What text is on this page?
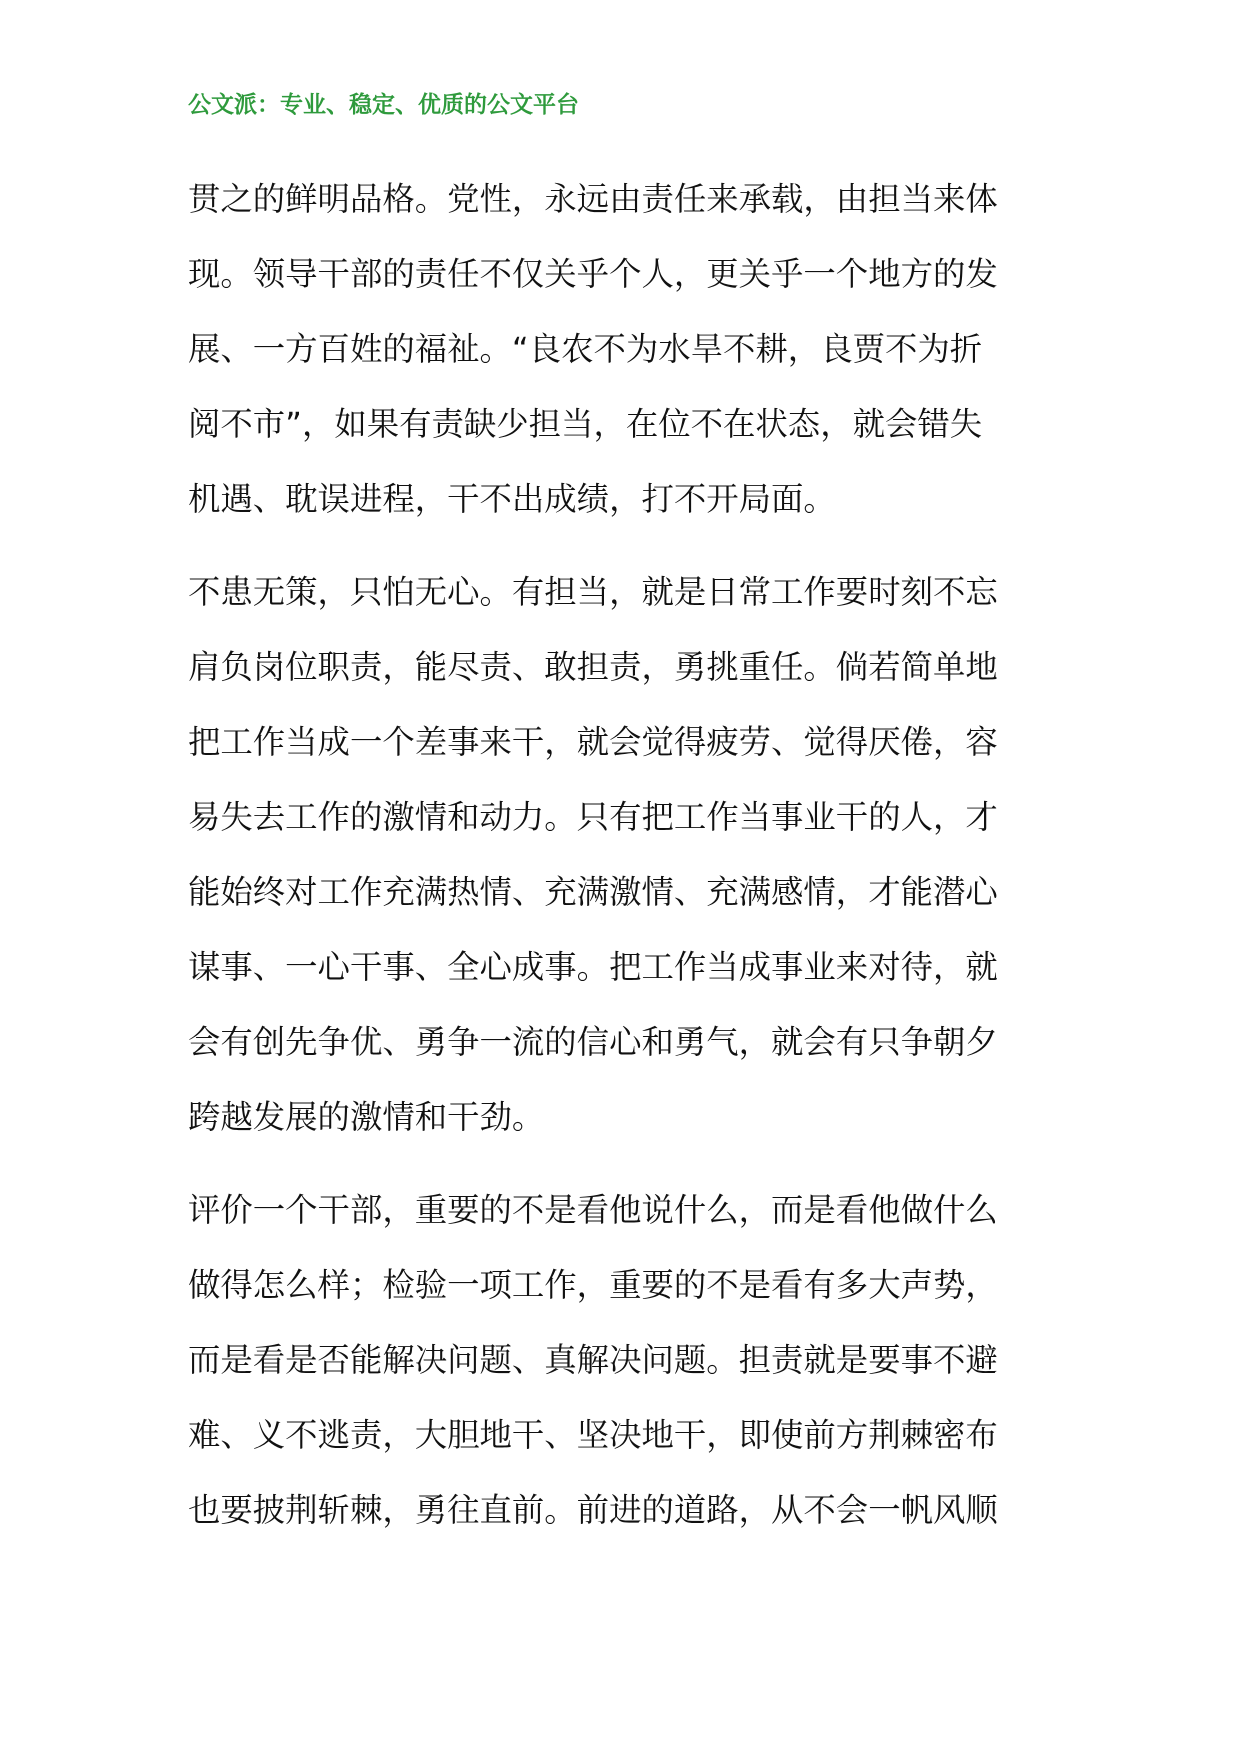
公文派：专业、稳定、优质的公文平台
贯之的鲜明品格。党性，永远由责任来承载，由担当来体
现。领导干部的责任不仅关乎个人，更关乎一个地方的发
展、一方百姓的福祉。“良农不为水旱不耕，良贾不为折
阅不市”，如果有责缺少担当，在位不在状态，就会错失
机遇、耽误进程，干不出成绩，打不开局面。
不患无策，只怕无心。有担当，就是日常工作要时刻不忘
肩负岗位职责，能尽责、敢担责，勇挑重任。倘若简单地
把工作当成一个差事来干，就会觉得疲劳、觉得厌倦，容
易失去工作的激情和动力。只有把工作当事业干的人，才
能始终对工作充满热情、充满激情、充满感情，才能潜心
谋事、一心干事、全心成事。把工作当成事业来对待，就
会有创先争优、勇争一流的信心和勇气，就会有只争朝夕
跨越发展的激情和干劲。
评价一个干部，重要的不是看他说什么，而是看他做什么
做得怎么样；检验一项工作，重要的不是看有多大声势，
而是看是否能解决问题、真解决问题。担责就是要事不避
难、义不逃责，大胆地干、坚决地干，即使前方荆棘密布
也要披荆斩棘，勇往直前。前进的道路，从不会一帆风顺
